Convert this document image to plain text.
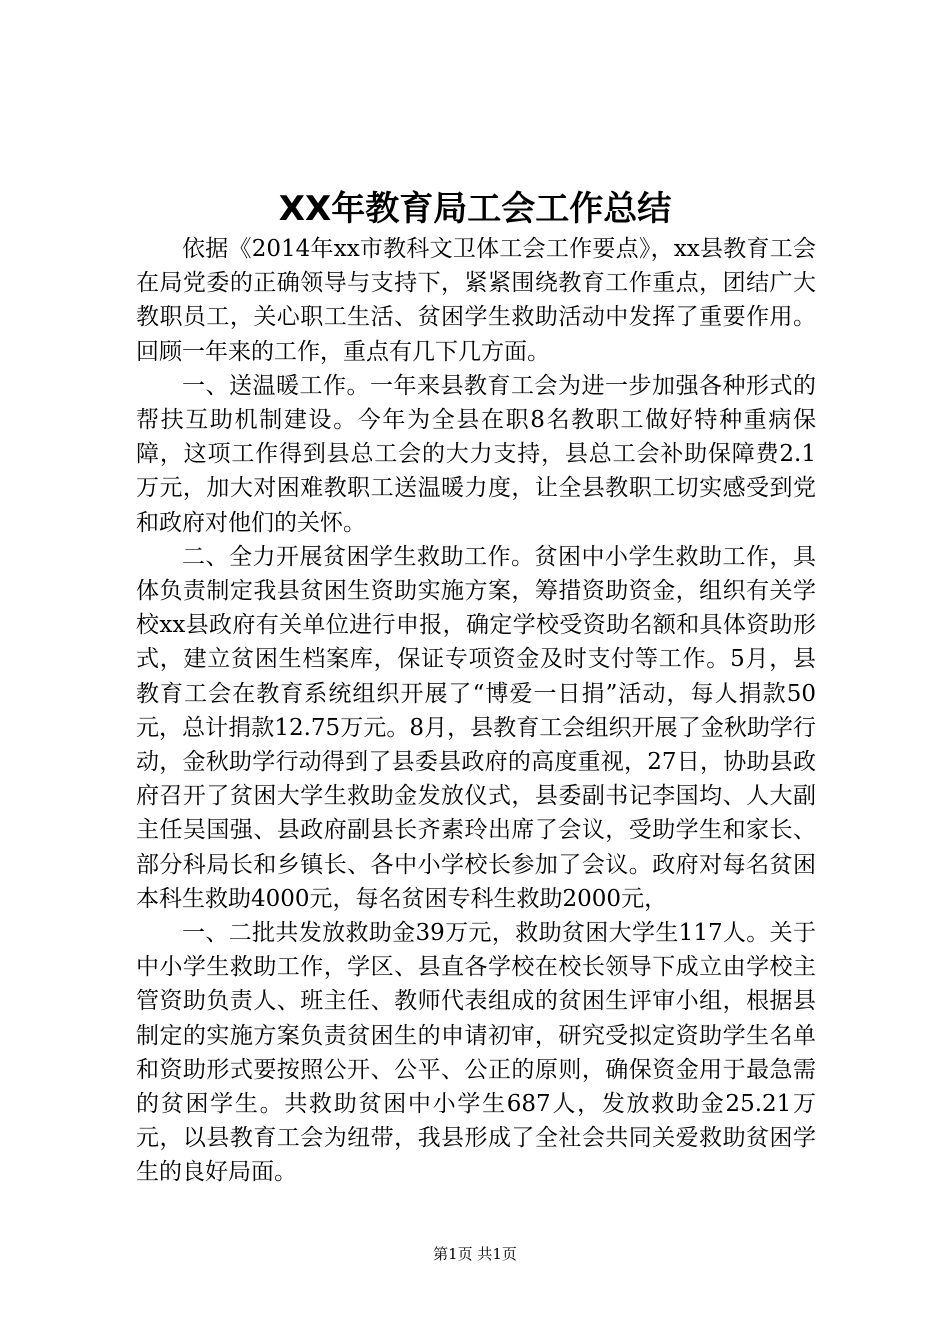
XX年教育局工会工作总结

依据《2014年xx市教科文卫体工会工作要点》，xx县教育工会在局党委的正确领导与支持下，紧紧围绕教育工作重点，团结广大教职员工，关心职工生活、贫困学生救助活动中发挥了重要作用。回顾一年来的工作，重点有几下几方面。

一、送温暖工作。一年来县教育工会为进一步加强各种形式的帮扶互助机制建设。今年为全县在职8名教职工做好特种重病保障，这项工作得到县总工会的大力支持，县总工会补助保障费2.1万元，加大对困难教职工送温暖力度，让全县教职工切实感受到党和政府对他们的关怀。

二、全力开展贫困学生救助工作。贫困中小学生救助工作，具体负责制定我县贫困生资助实施方案，筹措资助资金，组织有关学校xx县政府有关单位进行申报，确定学校受资助名额和具体资助形式，建立贫困生档案库，保证专项资金及时支付等工作。5月，县教育工会在教育系统组织开展了“博爱一日捐”活动，每人捐款50元，总计捐款12.75万元。8月，县教育工会组织开展了金秋助学行动，金秋助学行动得到了县委县政府的高度重视，27日，协助县政府召开了贫困大学生救助金发放仪式，县委副书记李国均、人大副主任吴国强、县政府副县长齐素玲出席了会议，受助学生和家长、部分科局长和乡镇长、各中小学校长参加了会议。政府对每名贫困本科生救助4000元，每名贫困专科生救助2000元，

一、二批共发放救助金39万元，救助贫困大学生117人。关于中小学生救助工作，学区、县直各学校在校长领导下成立由学校主管资助负责人、班主任、教师代表组成的贫困生评审小组，根据县制定的实施方案负责贫困生的申请初审，研究受拟定资助学生名单和资助形式要按照公开、公平、公正的原则，确保资金用于最急需的贫困学生。共救助贫困中小学生687人，发放救助金25.21万元，以县教育工会为纽带，我县形成了全社会共同关爱救助贫困学生的良好局面。

第1页 共1页
